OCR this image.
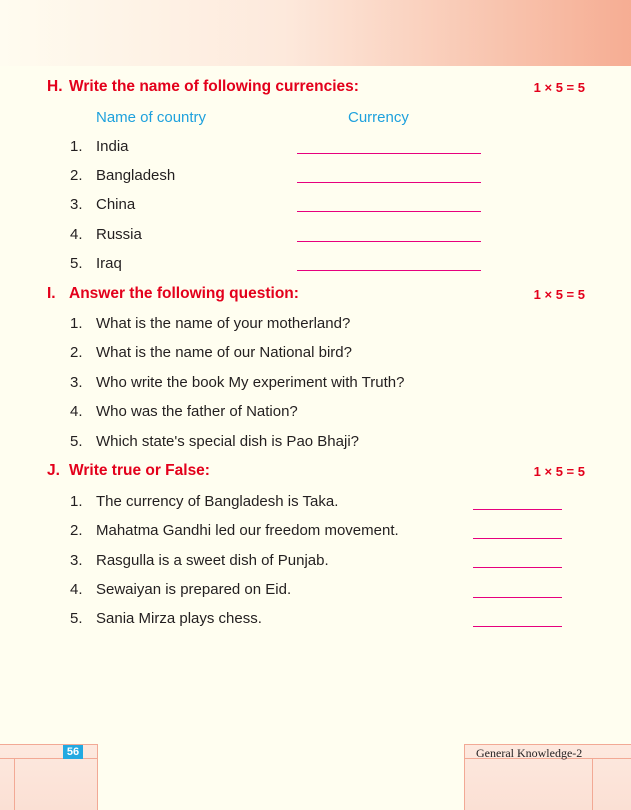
H. Write the name of following currencies:	1 × 5 = 5
Name of country	Currency
1. India
2. Bangladesh
3. China
4. Russia
5. Iraq
I. Answer the following question:	1 × 5 = 5
1. What is the name of your motherland?
2. What is the name of our National bird?
3. Who write the book My experiment with Truth?
4. Who was the father of Nation?
5. Which state's special dish is Pao Bhaji?
J. Write true or False:	1 × 5 = 5
1. The currency of Bangladesh is Taka.
2. Mahatma Gandhi led our freedom movement.
3. Rasgulla is a sweet dish of Punjab.
4. Sewaiyan is prepared on Eid.
5. Sania Mirza plays chess.
56	General Knowledge-2
